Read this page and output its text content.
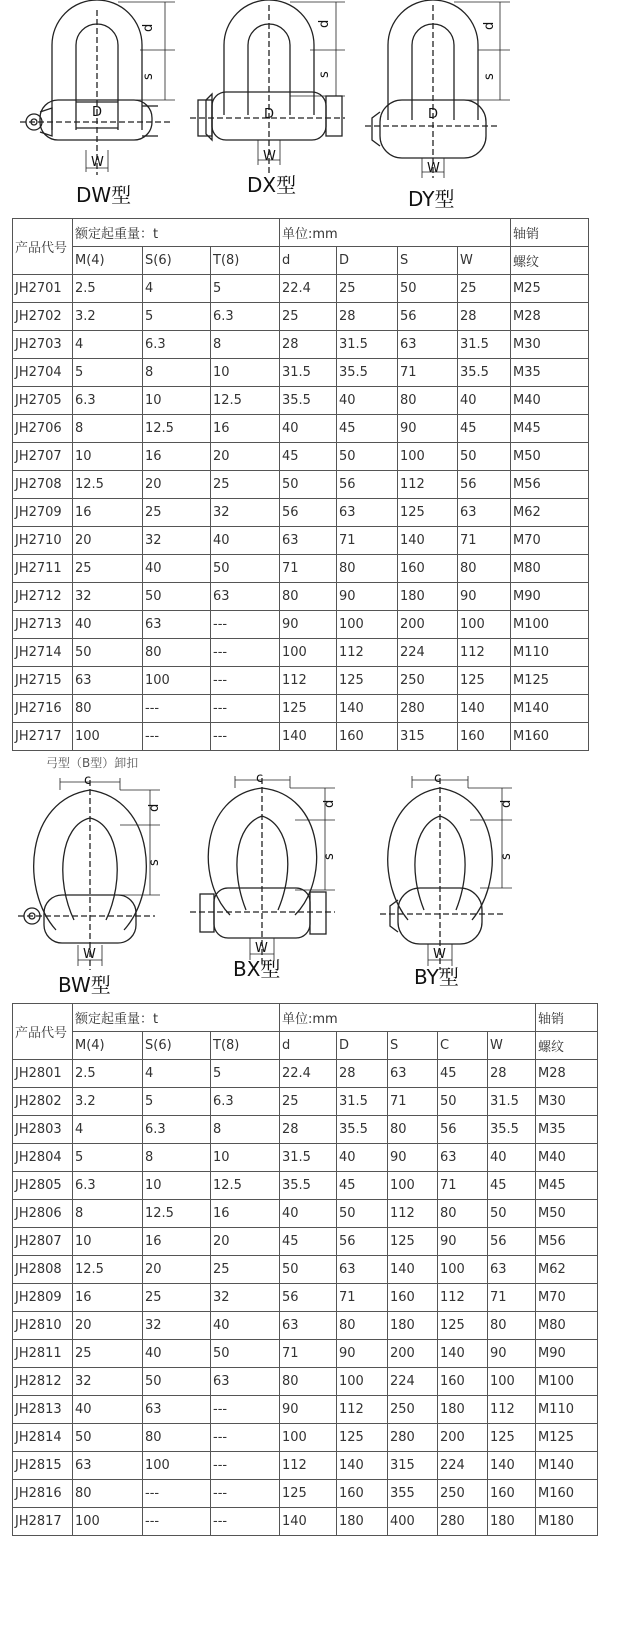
d
s
D
W
d
s
D
W
d
s
D
W
DW型	DX型
DY型
产品代号	额定起重量：t			单位:mm				轴销
	M(4)	S(6)	T(8)	d	D	S	W	螺纹
JH2701	2.5	4	5	22.4	25	50	25	M25
JH2702	3.2	5	6.3	25	28	56	28	M28
JH2703	4	6.3	8	28	31.5	63	31.5	M30
JH2704	5	8	10	31.5	35.5	71	35.5	M35
JH2705	6.3	10	12.5	35.5	40	80	40	M40
JH2706	8	12.5	16	40	45	90	45	M45
JH2707	10	16	20	45	50	100	50	M50
JH2708	12.5	20	25	50	56	112	56	M56
JH2709	16	25	32	56	63	125	63	M62
JH2710	20	32	40	63	71	140	71	M70
JH2711	25	40	50	71	80	160	80	M80
JH2712	32	50	63	80	90	180	90	M90
JH2713	40	63	---	90	100	200	100	M100
JH2714	50	80	---	100	112	224	112	M110
JH2715	63	100	---	112	125	250	125	M125
JH2716	80	---	---	125	140	280	140	M140
JH2717	100	---	---	140	160	315	160	M160
弓型（B型）卸扣
c
d
s
W
c
d
s
W
c
d
s
W
BW型
BX型	BY型
产品代号	额定起重量：t			单位:mm					轴销
	M(4)	S(6)	T(8)	d	D	S	C	W	螺纹
JH2801	2.5	4	5	22.4	28	63	45	28	M28
JH2802	3.2	5	6.3	25	31.5	71	50	31.5	M30
JH2803	4	6.3	8	28	35.5	80	56	35.5	M35
JH2804	5	8	10	31.5	40	90	63	40	M40
JH2805	6.3	10	12.5	35.5	45	100	71	45	M45
JH2806	8	12.5	16	40	50	112	80	50	M50
JH2807	10	16	20	45	56	125	90	56	M56
JH2808	12.5	20	25	50	63	140	100	63	M62
JH2809	16	25	32	56	71	160	112	71	M70
JH2810	20	32	40	63	80	180	125	80	M80
JH2811	25	40	50	71	90	200	140	90	M90
JH2812	32	50	63	80	100	224	160	100	M100
JH2813	40	63	---	90	112	250	180	112	M110
JH2814	50	80	---	100	125	280	200	125	M125
JH2815	63	100	---	112	140	315	224	140	M140
JH2816	80	---	---	125	160	355	250	160	M160
JH2817	100	---	---	140	180	400	280	180	M180
